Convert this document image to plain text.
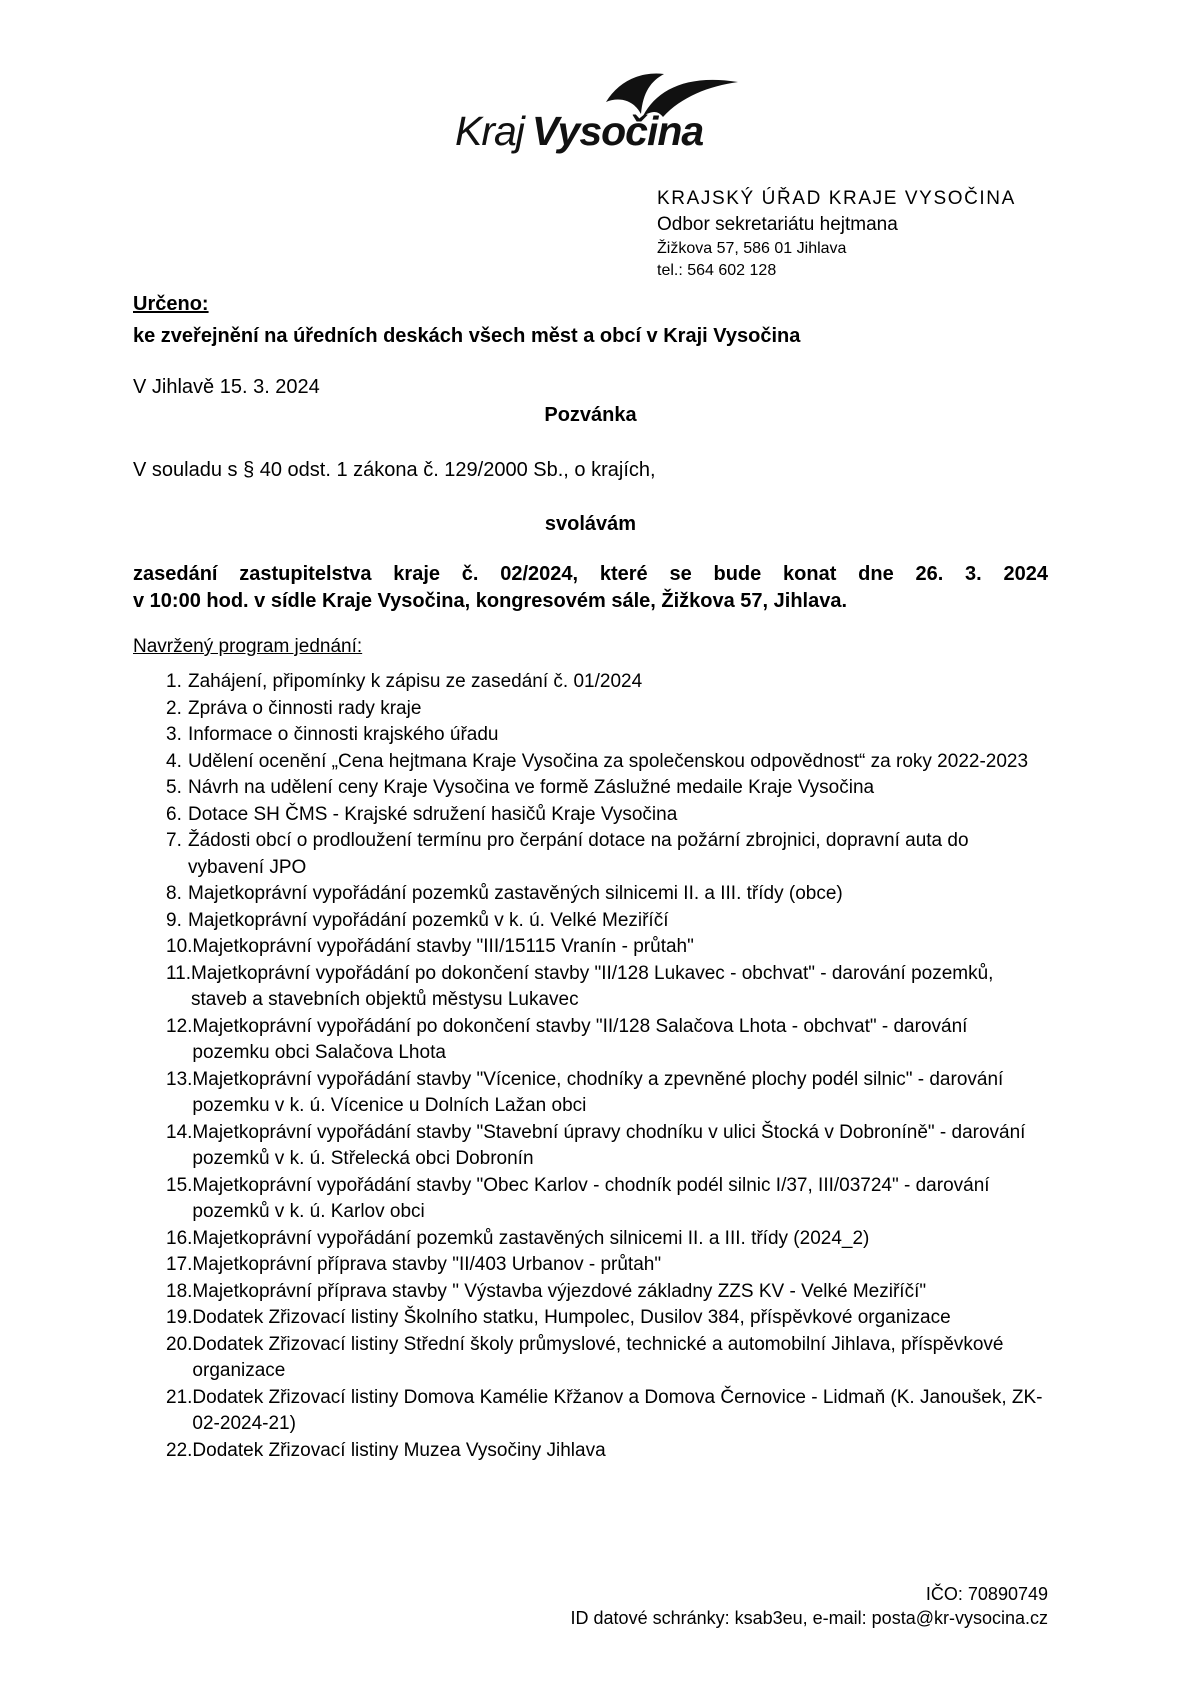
Kraj Vysočina
KRAJSKÝ ÚŘAD KRAJE VYSOČINA
Odbor sekretariátu hejtmana
Žižkova 57, 586 01 Jihlava
tel.: 564 602 128
Určeno:
ke zveřejnění na úředních deskách všech měst a obcí v Kraji Vysočina
V Jihlavě 15. 3. 2024
Pozvánka
V souladu s § 40 odst. 1 zákona č. 129/2000 Sb., o krajích,
svolávám
zasedání zastupitelstva kraje č. 02/2024, které se bude konat dne 26. 3. 2024
v 10:00 hod. v sídle Kraje Vysočina, kongresovém sále, Žižkova 57, Jihlava.
Navržený program jednání:
1. Zahájení, připomínky k zápisu ze zasedání č. 01/2024
2. Zpráva o činnosti rady kraje
3. Informace o činnosti krajského úřadu
4. Udělení ocenění „Cena hejtmana Kraje Vysočina za společenskou odpovědnost“ za roky 2022-2023
5. Návrh na udělení ceny Kraje Vysočina ve formě Záslužné medaile Kraje Vysočina
6. Dotace SH ČMS - Krajské sdružení hasičů Kraje Vysočina
7. Žádosti obcí o prodloužení termínu pro čerpání dotace na požární zbrojnici, dopravní auta do vybavení JPO
8. Majetkoprávní vypořádání pozemků zastavěných silnicemi II. a III. třídy (obce)
9. Majetkoprávní vypořádání pozemků v k. ú. Velké Meziříčí
10. Majetkoprávní vypořádání stavby "III/15115 Vranín - průtah"
11. Majetkoprávní vypořádání po dokončení stavby "II/128 Lukavec - obchvat" - darování pozemků, staveb a stavebních objektů městysu Lukavec
12. Majetkoprávní vypořádání po dokončení stavby "II/128 Salačova Lhota - obchvat" - darování pozemku obci Salačova Lhota
13. Majetkoprávní vypořádání stavby "Vícenice, chodníky a zpevněné plochy podél silnic" - darování pozemku v k. ú. Vícenice u Dolních Lažan obci
14. Majetkoprávní vypořádání stavby "Stavební úpravy chodníku v ulici Štocká v Dobroníně" - darování pozemků v k. ú. Střelecká obci Dobronín
15. Majetkoprávní vypořádání stavby "Obec Karlov - chodník podél silnic I/37, III/03724" - darování pozemků v k. ú. Karlov obci
16. Majetkoprávní vypořádání pozemků zastavěných silnicemi II. a III. třídy (2024_2)
17. Majetkoprávní příprava stavby "II/403 Urbanov - průtah"
18. Majetkoprávní příprava stavby " Výstavba výjezdové základny ZZS KV - Velké Meziříčí"
19. Dodatek Zřizovací listiny Školního statku, Humpolec, Dusilov 384, příspěvkové organizace
20. Dodatek Zřizovací listiny Střední školy průmyslové, technické a automobilní Jihlava, příspěvkové organizace
21. Dodatek Zřizovací listiny Domova Kamélie Křžanov a Domova Černovice - Lidmaň (K. Janoušek, ZK-02-2024-21)
22. Dodatek Zřizovací listiny Muzea Vysočiny Jihlava
IČO: 70890749
ID datové schránky: ksab3eu, e-mail: posta@kr-vysocina.cz
